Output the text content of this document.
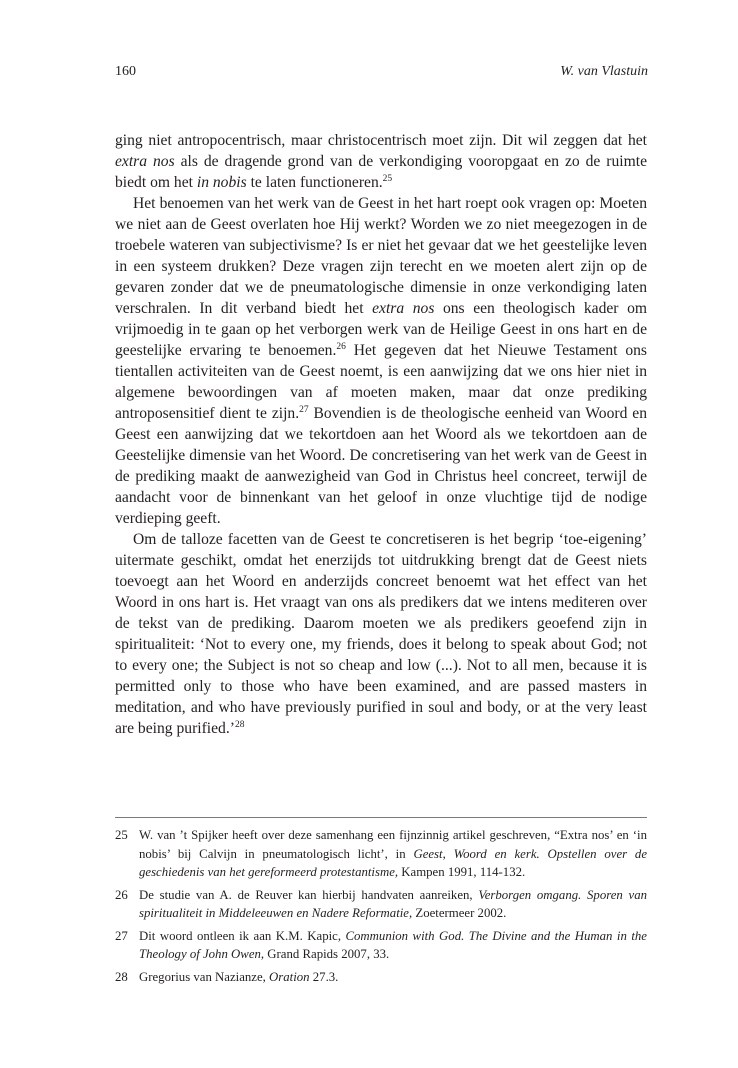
160	W. van Vlastuin

ging niet antropocentrisch, maar christocentrisch moet zijn. Dit wil zeggen dat het extra nos als de dragende grond van de verkondiging vooropgaat en zo de ruimte biedt om het in nobis te laten functioneren.$^{25}$

Het benoemen van het werk van de Geest in het hart roept ook vragen op: Moeten we niet aan de Geest overlaten hoe Hij werkt? Worden we zo niet meegezogen in de troebele wateren van subjectivisme? Is er niet het gevaar dat we het geestelijke leven in een systeem drukken? Deze vragen zijn terecht en we moeten alert zijn op de gevaren zonder dat we de pneumatologische dimensie in onze verkondiging laten verschralen. In dit verband biedt het extra nos ons een theologisch kader om vrijmoedig in te gaan op het verborgen werk van de Heilige Geest in ons hart en de geestelijke ervaring te benoemen.$^{26}$ Het gegeven dat het Nieuwe Testament ons tientallen activiteiten van de Geest noemt, is een aanwijzing dat we ons hier niet in algemene bewoordingen van af moeten maken, maar dat onze prediking antroposensitief dient te zijn.$^{27}$ Bovendien is de theologische eenheid van Woord en Geest een aanwijzing dat we tekortdoen aan het Woord als we tekortdoen aan de Geestelijke dimensie van het Woord. De concretisering van het werk van de Geest in de prediking maakt de aanwezigheid van God in Christus heel concreet, terwijl de aandacht voor de binnenkant van het geloof in onze vluchtige tijd de nodige verdieping geeft.

Om de talloze facetten van de Geest te concretiseren is het begrip ‘toe-eigening’ uitermate geschikt, omdat het enerzijds tot uitdrukking brengt dat de Geest niets toevoegt aan het Woord en anderzijds concreet benoemt wat het effect van het Woord in ons hart is. Het vraagt van ons als predikers dat we intens mediteren over de tekst van de prediking. Daarom moeten we als predikers geoefend zijn in spiritualiteit: ‘Not to every one, my friends, does it belong to speak about God; not to every one; the Subject is not so cheap and low (...). Not to all men, because it is permitted only to those who have been examined, and are passed masters in meditation, and who have previously purified in soul and body, or at the very least are being purified.’$^{28}$

25 W. van ’t Spijker heeft over deze samenhang een fijnzinnig artikel geschreven, “Extra nos’ en ‘in nobis’ bij Calvijn in pneumatologisch licht’, in Geest, Woord en kerk. Opstellen over de geschiedenis van het gereformeerd protestantisme, Kampen 1991, 114-132.
26 De studie van A. de Reuver kan hierbij handvaten aanreiken, Verborgen omgang. Sporen van spiritualiteit in Middeleeuwen en Nadere Reformatie, Zoetermeer 2002.
27 Dit woord ontleen ik aan K.M. Kapic, Communion with God. The Divine and the Human in the Theology of John Owen, Grand Rapids 2007, 33.
28 Gregorius van Nazianze, Oration 27.3.
